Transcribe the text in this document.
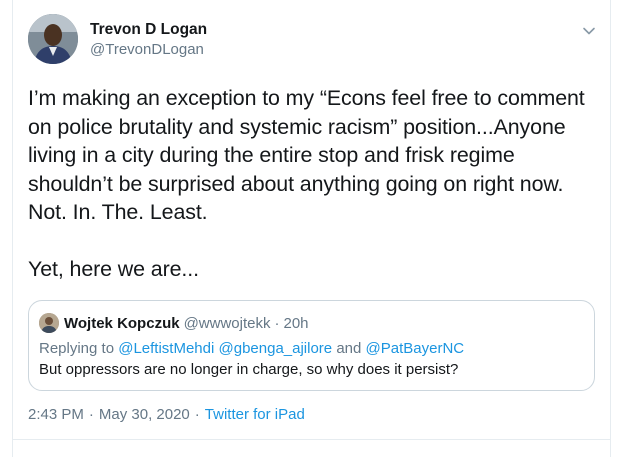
Trevon D Logan
@TrevonDLogan

I’m making an exception to my “Econs feel free to comment on police brutality and systemic racism” position...Anyone living in a city during the entire stop and frisk regime shouldn’t be surprised about anything going on right now. Not. In. The. Least.

Yet, here we are...

Wojtek Kopczuk @wwwojtekk · 20h
Replying to @LeftistMehdi @gbenga_ajilore and @PatBayerNC
But oppressors are no longer in charge, so why does it persist?
2:43 PM · May 30, 2020 · Twitter for iPad
